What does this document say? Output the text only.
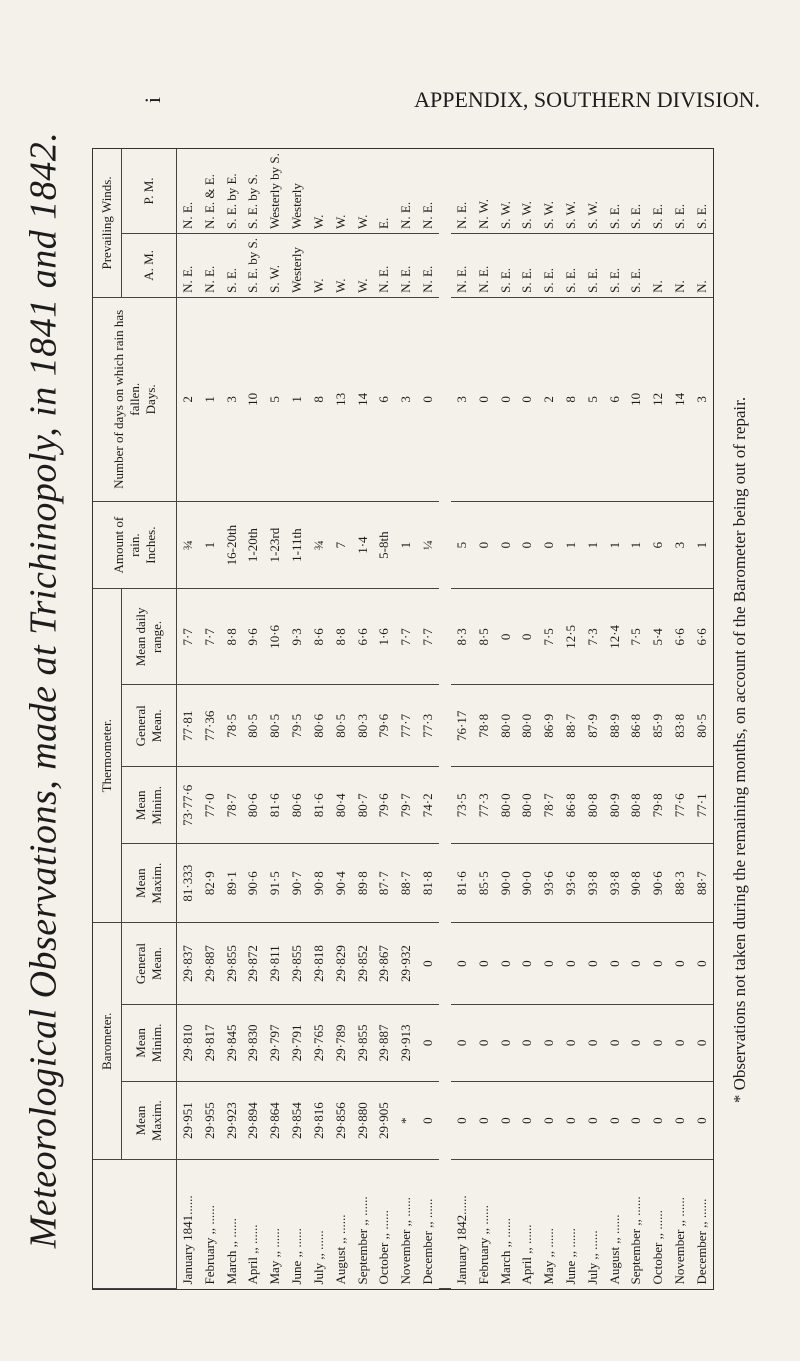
Meteorological Observations, made at Trichinopoly, in 1841 and 1842.
APPENDIX, SOUTHERN DIVISION.
i
	Barometer.			Thermometer.				Amount of rain.
Inches.	Number of days on which rain has fallen.
Days.	Prevailing Winds.	
	Mean Maxim.	Mean Minim.	General Mean.	Mean Maxim.	Mean Minim.	General Mean.	Mean daily range.			A. M.	P. M.
January 1841......	29·951	29·810	29·837	81·333	73·77·6	77·81	7·7	¾	2	N. E.	N. E.
February ,, ......	29·955	29·817	29·887	82·9	77·0	77·36	7·7	1	1	N. E.	N. E. & E.
March ,, ......	29·923	29·845	29·855	89·1	78·7	78·5	8·8	16-20th	3	S. E.	S. E. by E.
April ,, ......	29·894	29·830	29·872	90·6	80·6	80·5	9·6	1-20th	10	S. E. by S.	S. E. by S.
May ,, ......	29·864	29·797	29·811	91·5	81·6	80·5	10·6	1-23rd	5	S. W.	Westerly by S.
June ,, ......	29·854	29·791	29·855	90·7	80·6	79·5	9·3	1-11th	1	Westerly	Westerly
July ,, ......	29·816	29·765	29·818	90·8	81·6	80·6	8·6	¾	8	W.	W.
August ,, ......	29·856	29·789	29·829	90·4	80·4	80·5	8·8	7	13	W.	W.
September ,, ......	29·880	29·855	29·852	89·8	80·7	80·3	6·6	1·4	14	W.	W.
October ,, ......	29·905	29·887	29·867	87·7	79·6	79·6	1·6	5-8th	6	N. E.	E.
November ,, ......	*	29·913	29·932	88·7	79·7	77·7	7·7	1	3	N. E.	N. E.
December ,, ......	0	0	0	81·8	74·2	77·3	7·7	¼	0	N. E.	N. E.

January 1842......	0	0	0	81·6	73·5	76·17	8·3	5	3	N. E.	N. E.
February ,, ......	0	0	0	85·5	77·3	78·8	8·5	0	0	N. E.	N. W.
March ,, ......	0	0	0	90·0	80·0	80·0	0	0	0	S. E.	S. W.
April ,, ......	0	0	0	90·0	80·0	80·0	0	0	0	S. E.	S. W.
May ,, ......	0	0	0	93·6	78·7	86·9	7·5	0	2	S. E.	S. W.
June ,, ......	0	0	0	93·6	86·8	88·7	12·5	1	8	S. E.	S. W.
July ,, ......	0	0	0	93·8	80·8	87·9	7·3	1	5	S. E.	S. W.
August ,, ......	0	0	0	93·8	80·9	88·9	12·4	1	6	S. E.	S. E.
September ,, ......	0	0	0	90·8	80·8	86·8	7·5	1	10	S. E.	S. E.
October ,, ......	0	0	0	90·6	79·8	85·9	5·4	6	12	N.	S. E.
November ,, ......	0	0	0	88·3	77·6	83·8	6·6	3	14	N.	S. E.
December ,, ......	0	0	0	88·7	77·1	80·5	6·6	1	3	N.	S. E.
* Observations not taken during the remaining months, on account of the Barometer being out of repair.
